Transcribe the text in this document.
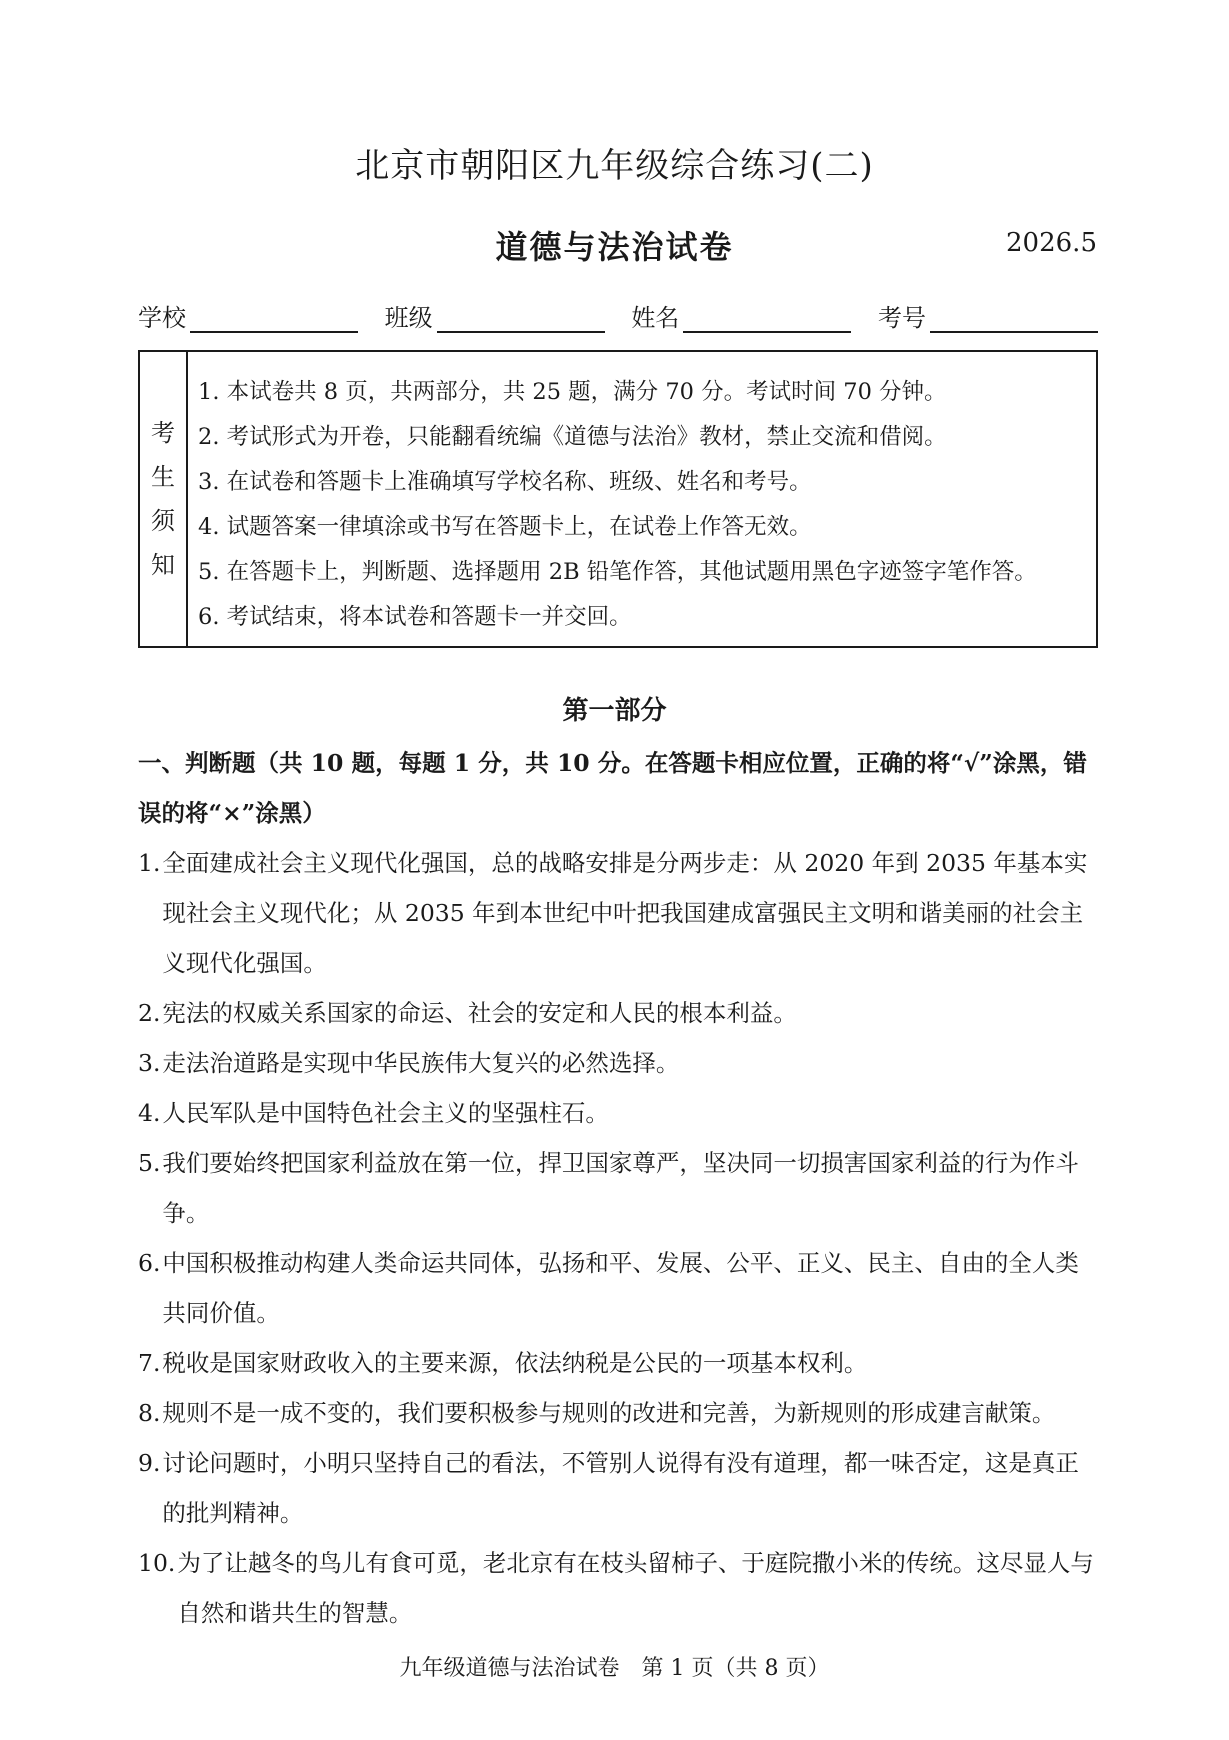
北京市朝阳区九年级综合练习(二)
道德与法治试卷	2026.5
学校	班级	姓名	考号
考
生
须
知
1. 本试卷共 8 页，共两部分，共 25 题，满分 70 分。考试时间 70 分钟。
2. 考试形式为开卷，只能翻看统编《道德与法治》教材，禁止交流和借阅。
3. 在试卷和答题卡上准确填写学校名称、班级、姓名和考号。
4. 试题答案一律填涂或书写在答题卡上，在试卷上作答无效。
5. 在答题卡上，判断题、选择题用 2B 铅笔作答，其他试题用黑色字迹签字笔作答。
6. 考试结束，将本试卷和答题卡一并交回。
第一部分
一、判断题（共 10 题，每题 1 分，共 10 分。在答题卡相应位置，正确的将“√”涂黑，错误的将“×”涂黑）
1. 全面建成社会主义现代化强国，总的战略安排是分两步走：从 2020 年到 2035 年基本实现社会主义现代化；从 2035 年到本世纪中叶把我国建成富强民主文明和谐美丽的社会主义现代化强国。
2. 宪法的权威关系国家的命运、社会的安定和人民的根本利益。
3. 走法治道路是实现中华民族伟大复兴的必然选择。
4. 人民军队是中国特色社会主义的坚强柱石。
5. 我们要始终把国家利益放在第一位，捍卫国家尊严，坚决同一切损害国家利益的行为作斗争。
6. 中国积极推动构建人类命运共同体，弘扬和平、发展、公平、正义、民主、自由的全人类共同价值。
7. 税收是国家财政收入的主要来源，依法纳税是公民的一项基本权利。
8. 规则不是一成不变的，我们要积极参与规则的改进和完善，为新规则的形成建言献策。
9. 讨论问题时，小明只坚持自己的看法，不管别人说得有没有道理，都一味否定，这是真正的批判精神。
10. 为了让越冬的鸟儿有食可觅，老北京有在枝头留柿子、于庭院撒小米的传统。这尽显人与自然和谐共生的智慧。
九年级道德与法治试卷　第 1 页（共 8 页）
